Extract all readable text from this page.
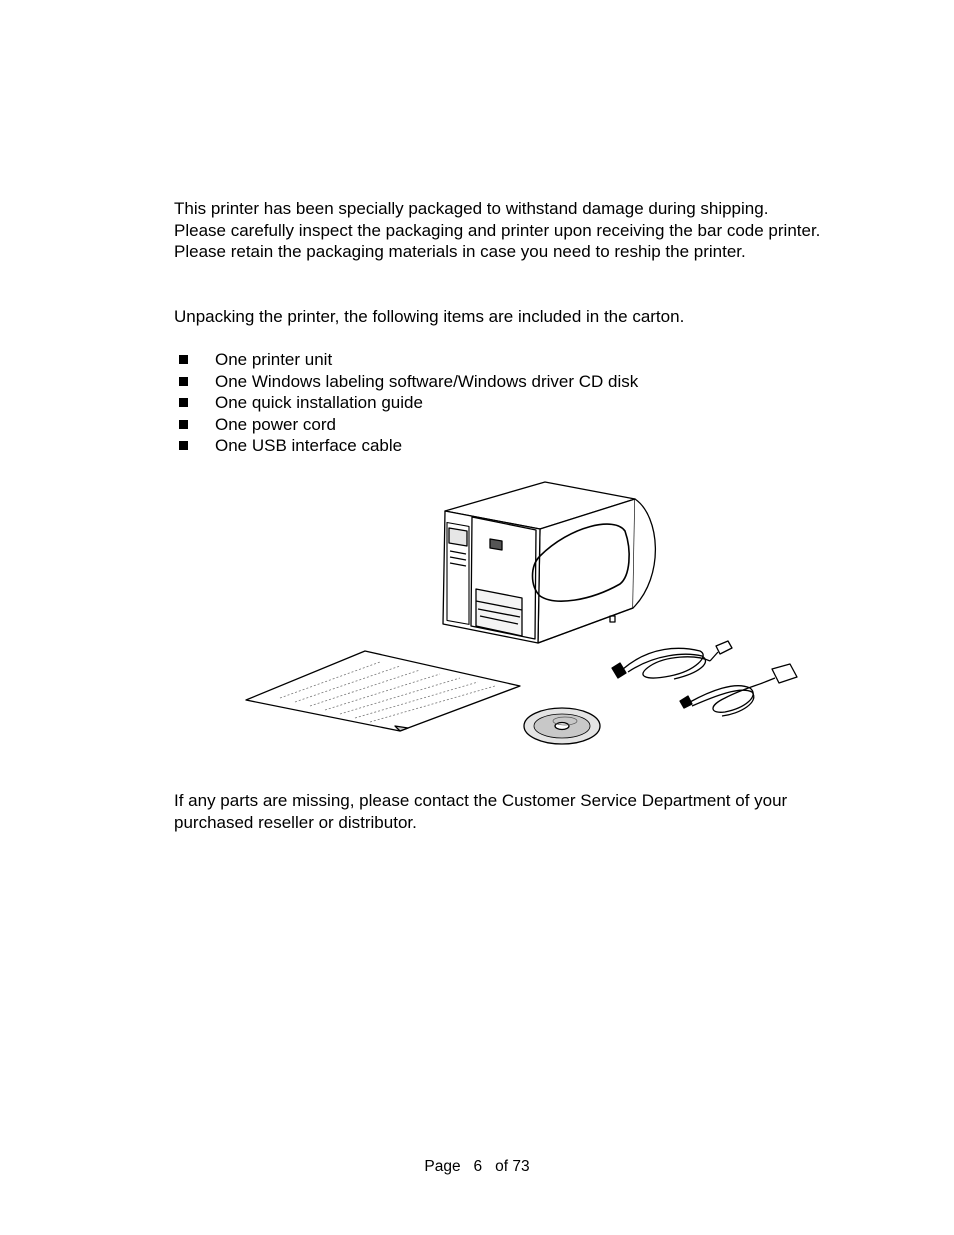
This printer has been specially packaged to withstand damage during shipping.
Please carefully inspect the packaging and printer upon receiving the bar code printer.
Please retain the packaging materials in case you need to reship the printer.

Unpacking the printer, the following items are included in the carton.

One printer unit
One Windows labeling software/Windows driver CD disk
One quick installation guide
One power cord
One USB interface cable
If any parts are missing, please contact the Customer Service Department of your
purchased reseller or distributor.
Page 6 of 73
